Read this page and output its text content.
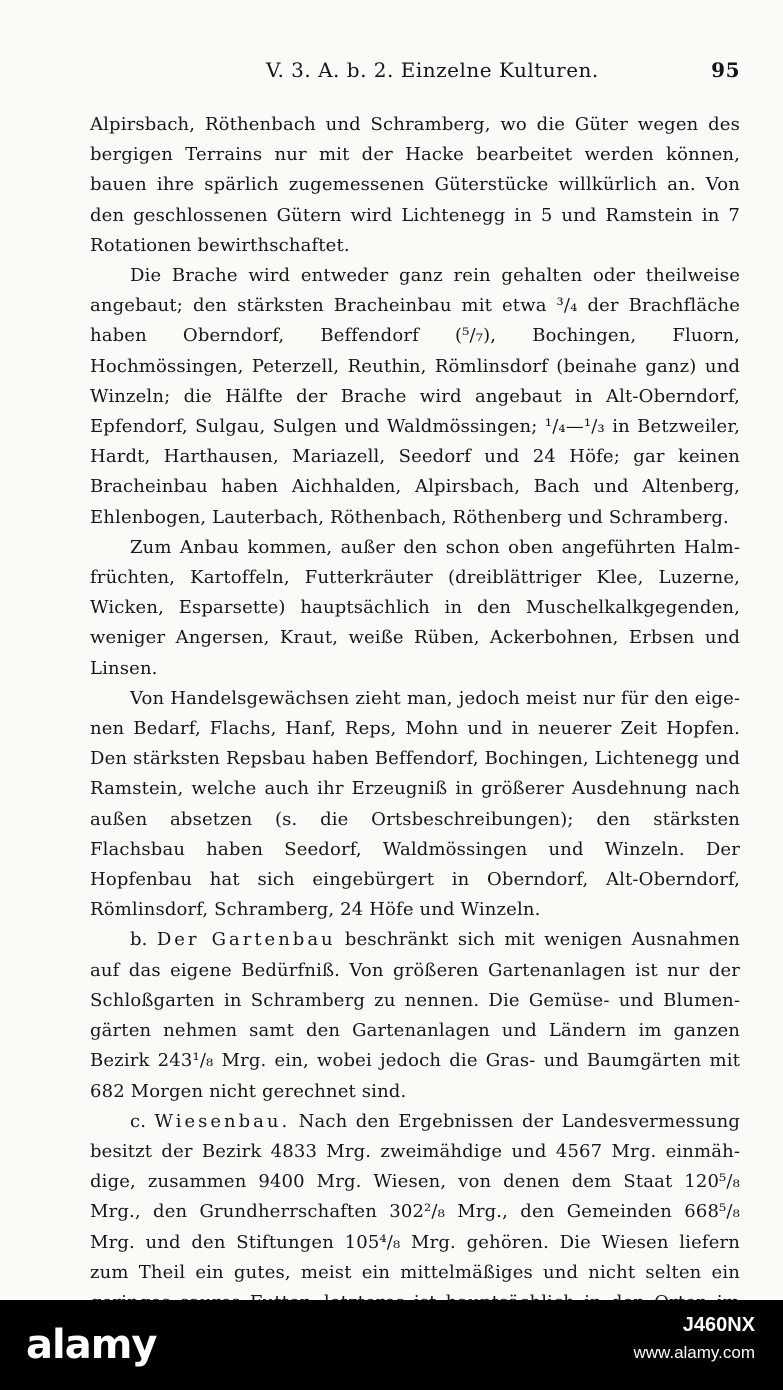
V. 3. A. b. 2. Einzelne Kulturen.	95

Alpirsbach, Röthenbach und Schramberg, wo die Güter wegen des bergigen Terrains nur mit der Hacke bearbeitet werden können, bauen ihre spärlich zugemessenen Güterstücke willkürlich an. Von den geschlossenen Gütern wird Lichtenegg in 5 und Ramstein in 7 Rotationen bewirthschaftet.

Die Brache wird entweder ganz rein gehalten oder theilweise angebaut; den stärksten Bracheinbau mit etwa ³/₄ der Brachfläche haben Oberndorf, Beffendorf (⁵/₇), Bochingen, Fluorn, Hochmössingen, Peterzell, Reuthin, Römlinsdorf (beinahe ganz) und Winzeln; die Hälfte der Brache wird angebaut in Alt-Oberndorf, Epfendorf, Sulgau, Sulgen und Waldmössingen; ¹/₄—¹/₃ in Betzweiler, Hardt, Harthausen, Mariazell, Seedorf und 24 Höfe; gar keinen Bracheinbau haben Aichhalden, Alpirsbach, Bach und Altenberg, Ehlenbogen, Lauterbach, Röthenbach, Röthenberg und Schramberg.

Zum Anbau kommen, außer den schon oben angeführten Halmfrüchten, Kartoffeln, Futterkräuter (dreiblättriger Klee, Luzerne, Wicken, Esparsette) hauptsächlich in den Muschelkalkgegenden, weniger Angersen, Kraut, weiße Rüben, Ackerbohnen, Erbsen und Linsen.

Von Handelsgewächsen zieht man, jedoch meist nur für den eigenen Bedarf, Flachs, Hanf, Reps, Mohn und in neuerer Zeit Hopfen. Den stärksten Repsbau haben Beffendorf, Bochingen, Lichtenegg und Ramstein, welche auch ihr Erzeugniß in größerer Ausdehnung nach außen absetzen (s. die Ortsbeschreibungen); den stärksten Flachsbau haben Seedorf, Waldmössingen und Winzeln. Der Hopfenbau hat sich eingebürgert in Oberndorf, Alt-Oberndorf, Römlinsdorf, Schramberg, 24 Höfe und Winzeln.

b. Der Gartenbau beschränkt sich mit wenigen Ausnahmen auf das eigene Bedürfniß. Von größeren Gartenanlagen ist nur der Schloßgarten in Schramberg zu nennen. Die Gemüse- und Blumengärten nehmen samt den Gartenanlagen und Ländern im ganzen Bezirk 243¹/₈ Mrg. ein, wobei jedoch die Gras- und Baumgärten mit 682 Morgen nicht gerechnet sind.

c. Wiesenbau. Nach den Ergebnissen der Landesvermessung besitzt der Bezirk 4833 Mrg. zweimähdige und 4567 Mrg. einmähdige, zusammen 9400 Mrg. Wiesen, von denen dem Staat 120⁵/₈ Mrg., den Grundherrschaften 302²/₈ Mrg., den Gemeinden 668⁵/₈ Mrg. und den Stiftungen 105⁴/₈ Mrg. gehören. Die Wiesen liefern zum Theil ein gutes, meist ein mittelmäßiges und nicht selten ein

alamy	J460NX
www.alamy.com
